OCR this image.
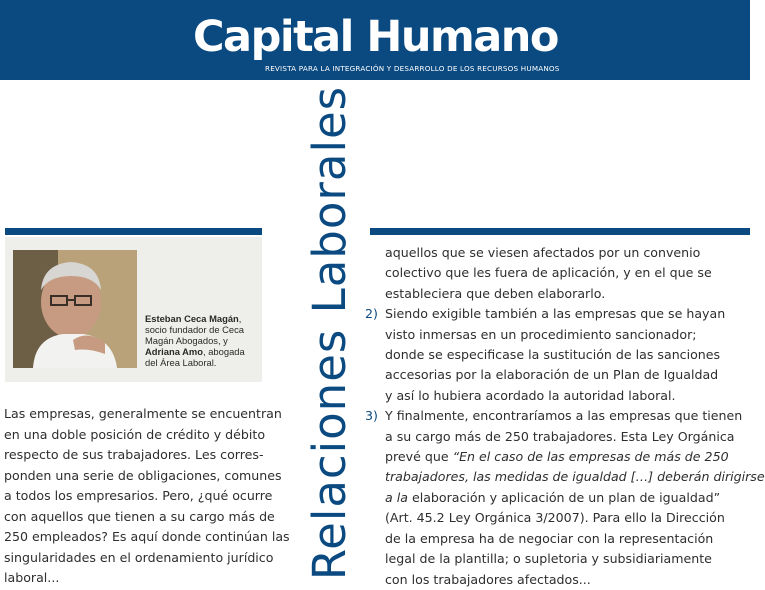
Capital Humano
REVISTA PARA LA INTEGRACIÓN Y DESARROLLO DE LOS RECURSOS HUMANOS
Relaciones Laborales
Esteban Ceca Magán,
socio fundador de Ceca
Magán Abogados, y
Adriana Amo, abogada
del Área Laboral.
Las empresas, generalmente se encuentran
en una doble posición de crédito y débito
respecto de sus trabajadores. Les corres-
ponden una serie de obligaciones, comunes
a todos los empresarios. Pero, ¿qué ocurre
con aquellos que tienen a su cargo más de
250 empleados? Es aquí donde continúan las
singularidades en el ordenamiento jurídico
laboral...
aquellos que se viesen afectados por un convenio
colectivo que les fuera de aplicación, y en el que se
estableciera que deben elaborarlo.
2) Siendo exigible también a las empresas que se hayan
visto inmersas en un procedimiento sancionador;
donde se especificase la sustitución de las sanciones
accesorias por la elaboración de un Plan de Igualdad
y así lo hubiera acordado la autoridad laboral.
3) Y finalmente, encontraríamos a las empresas que tienen
a su cargo más de 250 trabajadores. Esta Ley Orgánica
prevé que “En el caso de las empresas de más de 250
trabajadores, las medidas de igualdad […] deberán dirigirse
a la elaboración y aplicación de un plan de igualdad”
(Art. 45.2 Ley Orgánica 3/2007). Para ello la Dirección
de la empresa ha de negociar con la representación
legal de la plantilla; o supletoria y subsidiariamente
con los trabajadores afectados...
